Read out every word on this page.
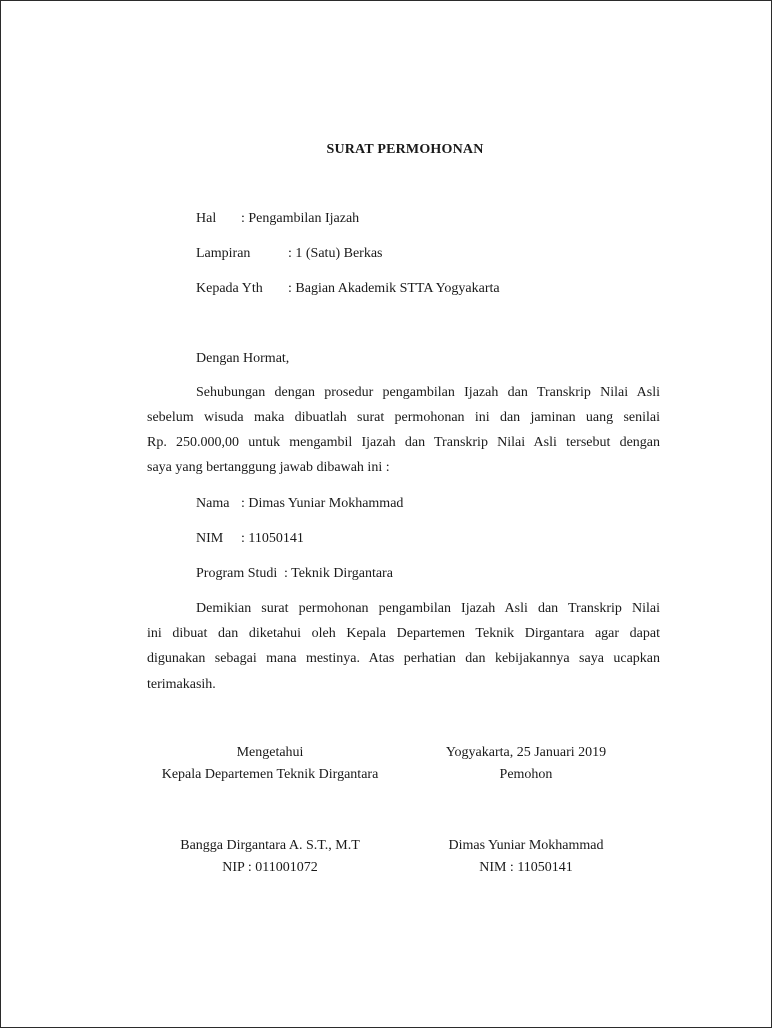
SURAT PERMOHONAN
Hal : Pengambilan Ijazah
Lampiran	: 1 (Satu) Berkas
Kepada Yth : Bagian Akademik STTA Yogyakarta
Dengan Hormat,
Sehubungan dengan prosedur pengambilan Ijazah dan Transkrip Nilai Asli
sebelum wisuda maka dibuatlah surat permohonan ini dan jaminan uang senilai
Rp. 250.000,00 untuk mengambil Ijazah dan Transkrip Nilai Asli tersebut dengan
saya yang bertanggung jawab dibawah ini :
Nama : Dimas Yuniar Mokhammad
NIM : 11050141
Program Studi : Teknik Dirgantara
Demikian surat permohonan pengambilan Ijazah Asli dan Transkrip Nilai
ini dibuat dan diketahui oleh Kepala Departemen Teknik Dirgantara agar dapat
digunakan sebagai mana mestinya. Atas perhatian dan kebijakannya saya ucapkan
terimakasih.
Mengetahui
Kepala Departemen Teknik Dirgantara
Yogyakarta, 25 Januari 2019
Pemohon
Bangga Dirgantara A. S.T., M.T
NIP : 011001072
Dimas Yuniar Mokhammad
NIM : 11050141
